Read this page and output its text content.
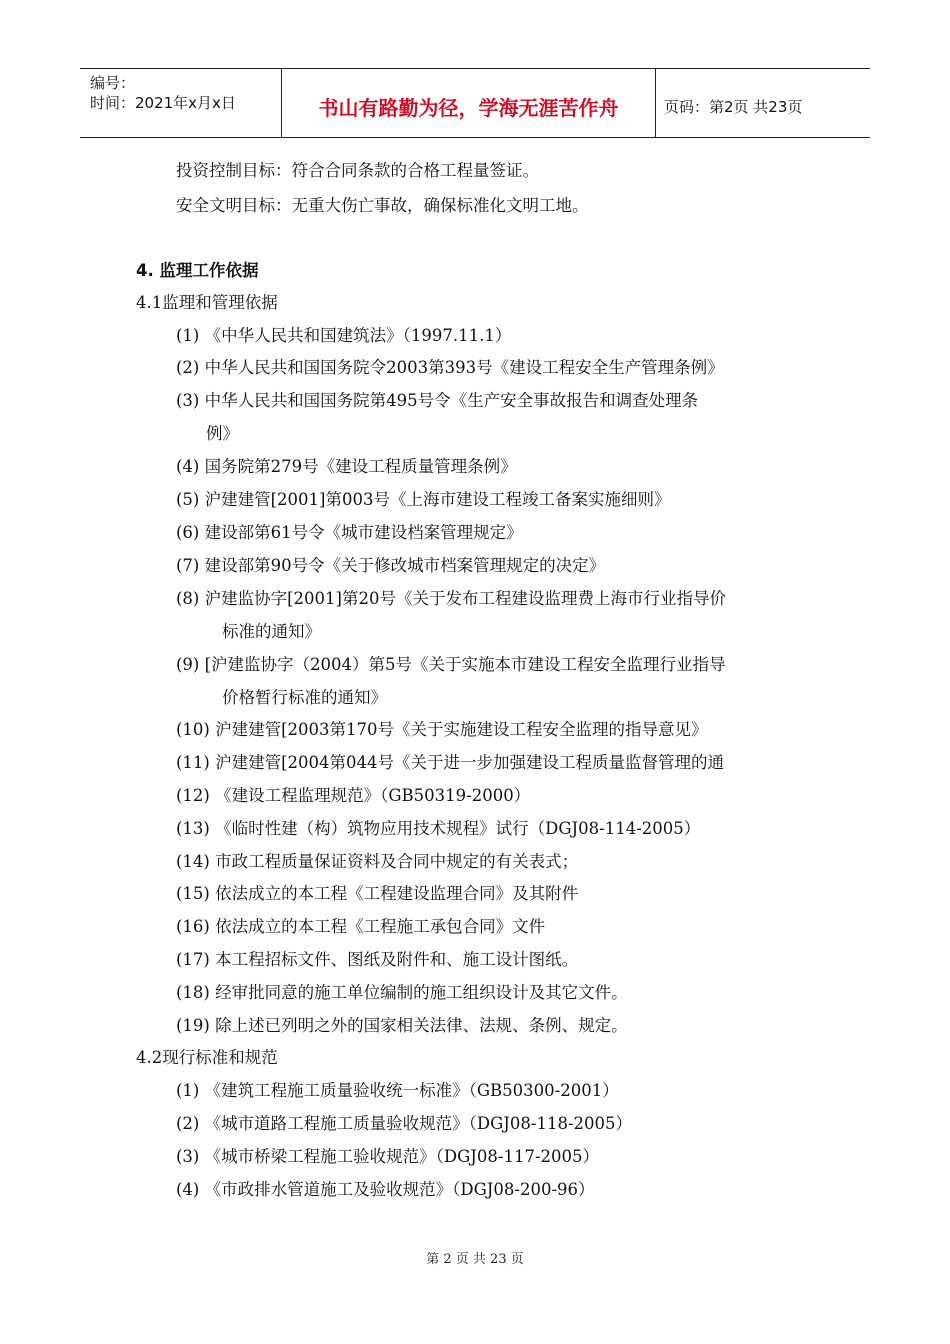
编号：
时间：2021年x月x日	书山有路勤为径，学海无涯苦作舟	页码：第2页 共23页
投资控制目标：符合合同条款的合格工程量签证。
安全文明目标：无重大伤亡事故，确保标准化文明工地。
4. 监理工作依据
4.1监理和管理依据
(1) 《中华人民共和国建筑法》（1997.11.1）
(2) 中华人民共和国国务院令2003第393号《建设工程安全生产管理条例》
(3) 中华人民共和国国务院第495号令《生产安全事故报告和调查处理条
例》
(4) 国务院第279号《建设工程质量管理条例》
(5) 沪建建管[2001]第003号《上海市建设工程竣工备案实施细则》
(6) 建设部第61号令《城市建设档案管理规定》
(7) 建设部第90号令《关于修改城市档案管理规定的决定》
(8) 沪建监协字[2001]第20号《关于发布工程建设监理费上海市行业指导价
标准的通知》
(9) [沪建监协字（2004）第5号《关于实施本市建设工程安全监理行业指导
价格暂行标准的通知》
(10) 沪建建管[2003第170号《关于实施建设工程安全监理的指导意见》
(11) 沪建建管[2004第044号《关于进一步加强建设工程质量监督管理的通
(12) 《建设工程监理规范》（GB50319-2000）
(13) 《临时性建（构）筑物应用技术规程》试行（DGJ08-114-2005）
(14) 市政工程质量保证资料及合同中规定的有关表式；
(15) 依法成立的本工程《工程建设监理合同》及其附件
(16) 依法成立的本工程《工程施工承包合同》文件
(17) 本工程招标文件、图纸及附件和、施工设计图纸。
(18) 经审批同意的施工单位编制的施工组织设计及其它文件。
(19) 除上述已列明之外的国家相关法律、法规、条例、规定。
4.2现行标准和规范
(1) 《建筑工程施工质量验收统一标准》（GB50300-2001）
(2) 《城市道路工程施工质量验收规范》（DGJ08-118-2005）
(3) 《城市桥梁工程施工验收规范》（DGJ08-117-2005）
(4) 《市政排水管道施工及验收规范》（DGJ08-200-96）
第 2 页 共 23 页
